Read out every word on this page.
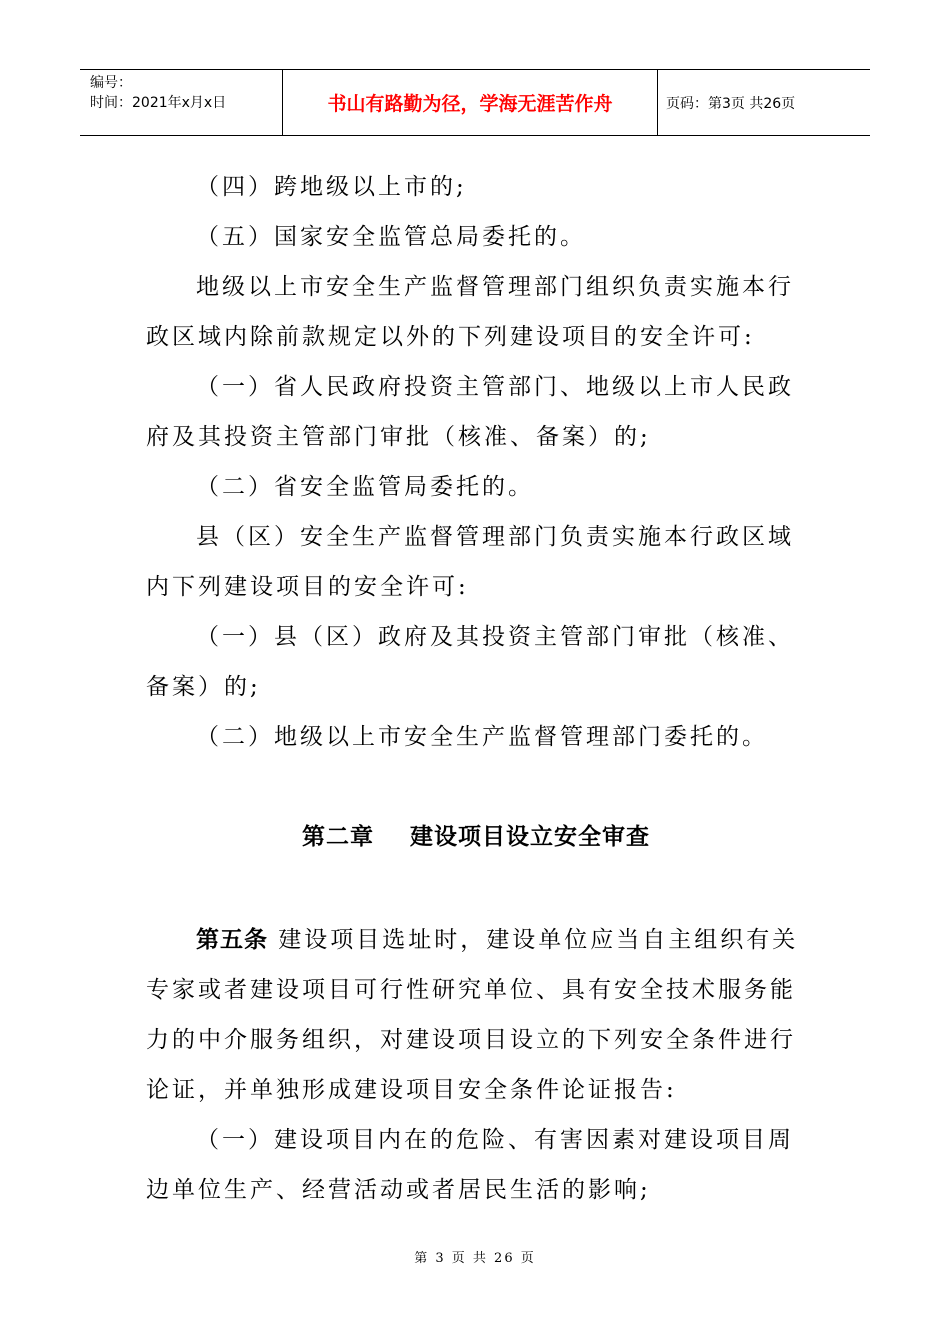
编号：
时间：2021年x月x日	书山有路勤为径，学海无涯苦作舟	页码：第3页 共26页

（四）跨地级以上市的;

（五）国家安全监管总局委托的。

地级以上市安全生产监督管理部门组织负责实施本行政区域内除前款规定以外的下列建设项目的安全许可:

（一）省人民政府投资主管部门、地级以上市人民政府及其投资主管部门审批（核准、备案）的;

（二）省安全监管局委托的。

县（区）安全生产监督管理部门负责实施本行政区域内下列建设项目的安全许可:

（一）县（区）政府及其投资主管部门审批（核准、备案）的;

（二）地级以上市安全生产监督管理部门委托的。

第二章    建设项目设立安全审查

第五条 建设项目选址时，建设单位应当自主组织有关专家或者建设项目可行性研究单位、具有安全技术服务能力的中介服务组织，对建设项目设立的下列安全条件进行论证，并单独形成建设项目安全条件论证报告:

（一）建设项目内在的危险、有害因素对建设项目周边单位生产、经营活动或者居民生活的影响;

第 3 页 共 26 页
